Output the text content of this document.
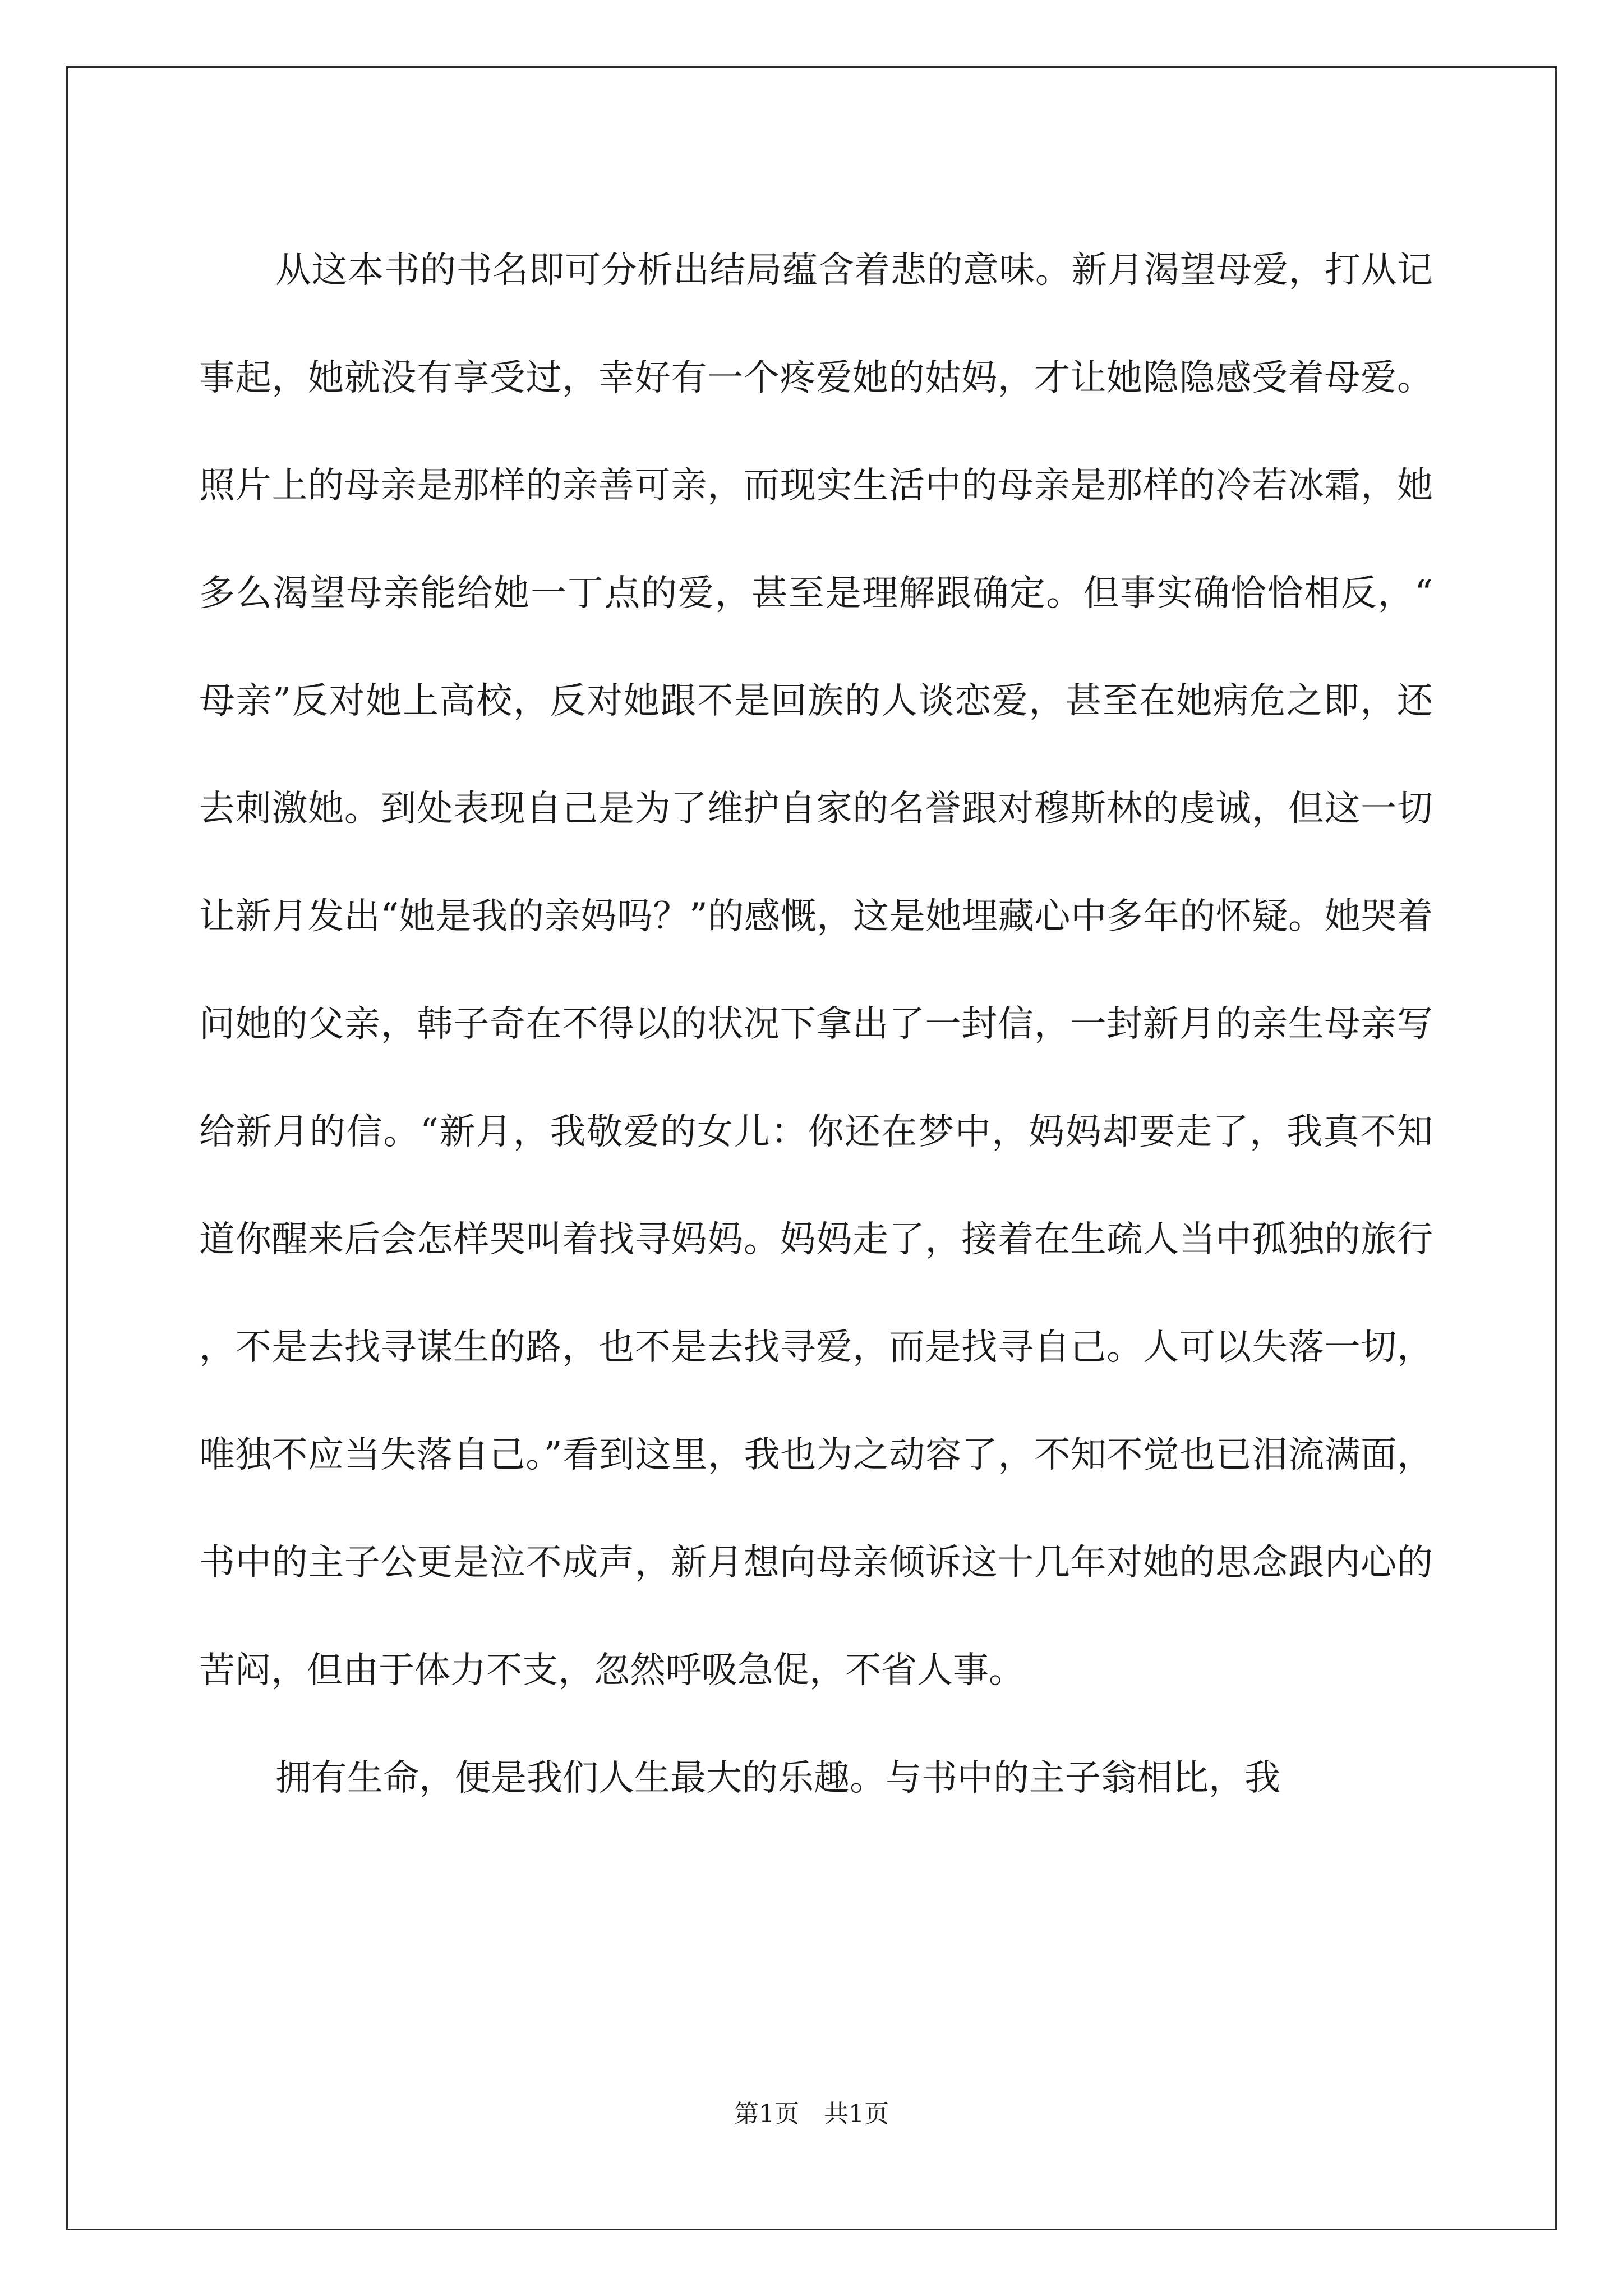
从这本书的书名即可分析出结局蕴含着悲的意味。新月渴望母爱，打从记事起，她就没有享受过，幸好有一个疼爱她的姑妈，才让她隐隐感受着母爱。照片上的母亲是那样的亲善可亲，而现实生活中的母亲是那样的冷若冰霜，她多么渴望母亲能给她一丁点的爱，甚至是理解跟确定。但事实确恰恰相反，“母亲”反对她上高校，反对她跟不是回族的人谈恋爱，甚至在她病危之即，还去刺激她。到处表现自己是为了维护自家的名誉跟对穆斯林的虔诚，但这一切让新月发出“她是我的亲妈吗？”的感慨，这是她埋藏心中多年的怀疑。她哭着问她的父亲，韩子奇在不得以的状况下拿出了一封信，一封新月的亲生母亲写给新月的信。“新月，我敬爱的女儿：你还在梦中，妈妈却要走了，我真不知道你醒来后会怎样哭叫着找寻妈妈。妈妈走了，接着在生疏人当中孤独的旅行，不是去找寻谋生的路，也不是去找寻爱，而是找寻自己。人可以失落一切，唯独不应当失落自己。”看到这里，我也为之动容了，不知不觉也已泪流满面，书中的主子公更是泣不成声，新月想向母亲倾诉这十几年对她的思念跟内心的苦闷，但由于体力不支，忽然呼吸急促，不省人事。

拥有生命，便是我们人生最大的乐趣。与书中的主子翁相比，我

第1页　共1页
